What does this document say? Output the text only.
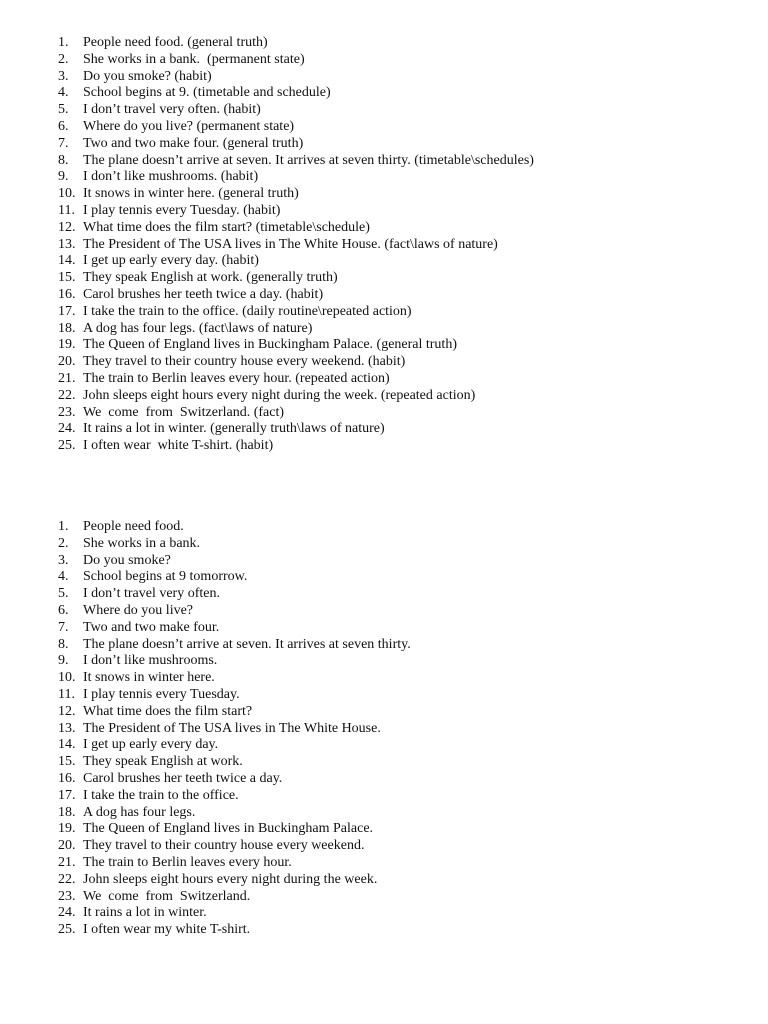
1.	People need food. (general truth)
2.	She works in a bank.  (permanent state)
3.	Do you smoke? (habit)
4.	School begins at 9. (timetable and schedule)
5.	I don’t travel very often. (habit)
6.	Where do you live? (permanent state)
7.	Two and two make four. (general truth)
8.	The plane doesn’t arrive at seven. It arrives at seven thirty. (timetable\schedules)
9.	I don’t like mushrooms. (habit)
10. It snows in winter here. (general truth)
11. I play tennis every Tuesday. (habit)
12. What time does the film start? (timetable\schedule)
13. The President of The USA lives in The White House. (fact\laws of nature)
14. I get up early every day. (habit)
15. They speak English at work. (generally truth)
16. Carol brushes her teeth twice a day. (habit)
17. I take the train to the office. (daily routine\repeated action)
18. A dog has four legs. (fact\laws of nature)
19. The Queen of England lives in Buckingham Palace. (general truth)
20. They travel to their country house every weekend. (habit)
21. The train to Berlin leaves every hour. (repeated action)
22. John sleeps eight hours every night during the week. (repeated action)
23. We  come  from  Switzerland. (fact)
24. It rains a lot in winter. (generally truth\laws of nature)
25. I often wear  white T-shirt. (habit)
1.	People need food.
2.	She works in a bank.
3.	Do you smoke?
4.	School begins at 9 tomorrow.
5.	I don’t travel very often.
6.	Where do you live?
7.	Two and two make four.
8.	The plane doesn’t arrive at seven. It arrives at seven thirty.
9.	I don’t like mushrooms.
10. It snows in winter here.
11. I play tennis every Tuesday.
12. What time does the film start?
13. The President of The USA lives in The White House.
14. I get up early every day.
15. They speak English at work.
16. Carol brushes her teeth twice a day.
17. I take the train to the office.
18. A dog has four legs.
19. The Queen of England lives in Buckingham Palace.
20. They travel to their country house every weekend.
21. The train to Berlin leaves every hour.
22. John sleeps eight hours every night during the week.
23. We  come  from  Switzerland.
24. It rains a lot in winter.
25. I often wear my white T-shirt.
